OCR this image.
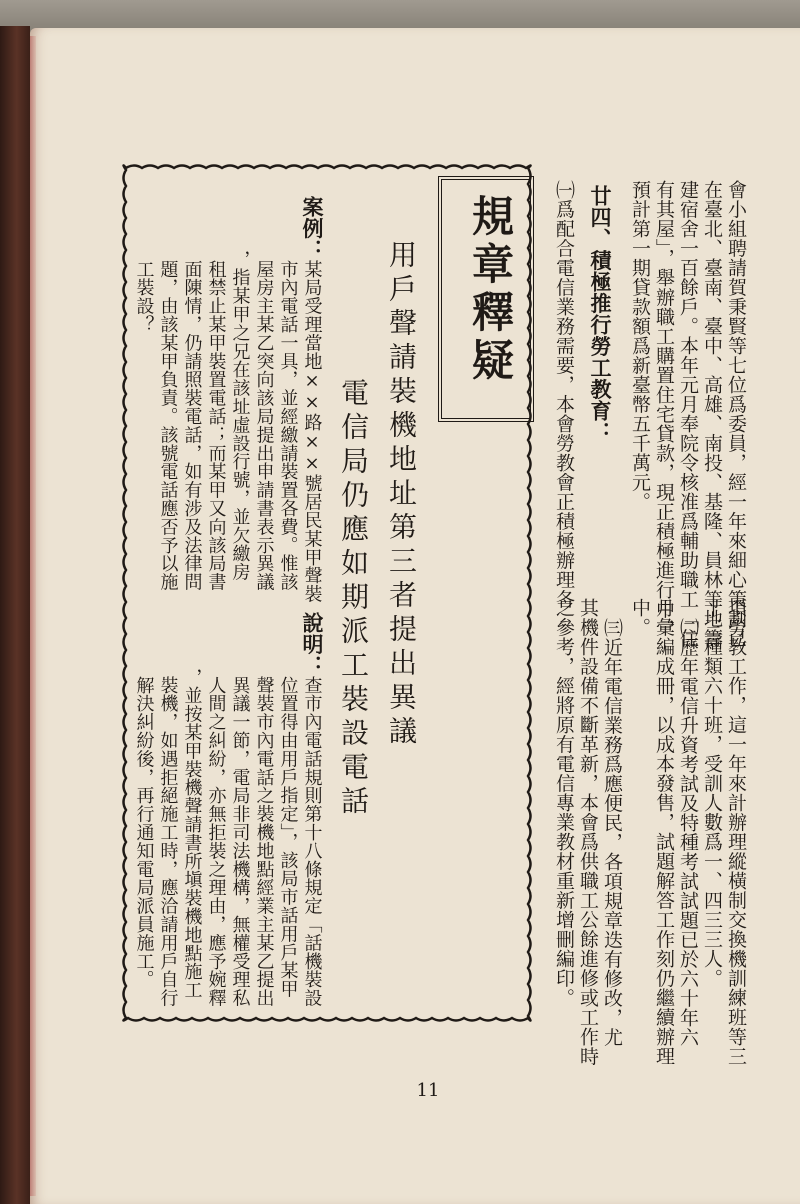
會小組聘請賀秉賢等七位爲委員，經一年來細心策劃已
在臺北、臺南、臺中、高雄、南投、基隆、員林等地籌
建宿舍一百餘戶。本年元月奉院令核准爲輔助職工「住
有其屋」，舉辦職工購置住宅貸款，現正積極進行中，
預計第一期貸款額爲新臺幣五千萬元。
廿四、積極推行勞工教育：
㈠爲配合電信業務需要，本會勞教會正積極辦理各
項勞教工作，這一年來計辦理縱橫制交換機訓練班等三
十三種類六十班，受訓人數爲一、四三三人。
㈡歷年電信升資考試及特種考試試題已於六十年六
月彙編成冊，以成本發售，試題解答工作刻仍繼續辦理
中。
㈢近年電信業務爲應便民，各項規章迭有修改，尤
其機件設備不斷革新，本會爲供職工公餘進修或工作時
之參考，經將原有電信專業教材重新增刪編印。
規章釋疑
用戶聲請裝機地址第三者提出異議
電信局仍應如期派工裝設電話
案例：
某局受理當地××路××號居民某甲聲裝
市內電話一具，並經繳請裝置各費。惟該
屋房主某乙突向該局提出申請書表示異議
，指某甲之兄在該址虛設行號，並欠繳房
租禁止某甲裝置電話；而某甲又向該局書
面陳情，仍請照裝電話，如有涉及法律問
題，由該某甲負責。該號電話應否予以施
工裝設？
說明：
查市內電話規則第十八條規定「話機裝設
位置得由用戶指定」，該局市話用戶某甲
聲裝市內電話之裝機地點經業主某乙提出
異議一節，電局非司法機構，無權受理私
人間之糾紛，亦無拒裝之理由，應予婉釋
，並按某甲裝機聲請書所塡裝機地點施工
裝機，如遇拒絕施工時，應洽請用戶自行
解決糾紛後，再行通知電局派員施工。
11
